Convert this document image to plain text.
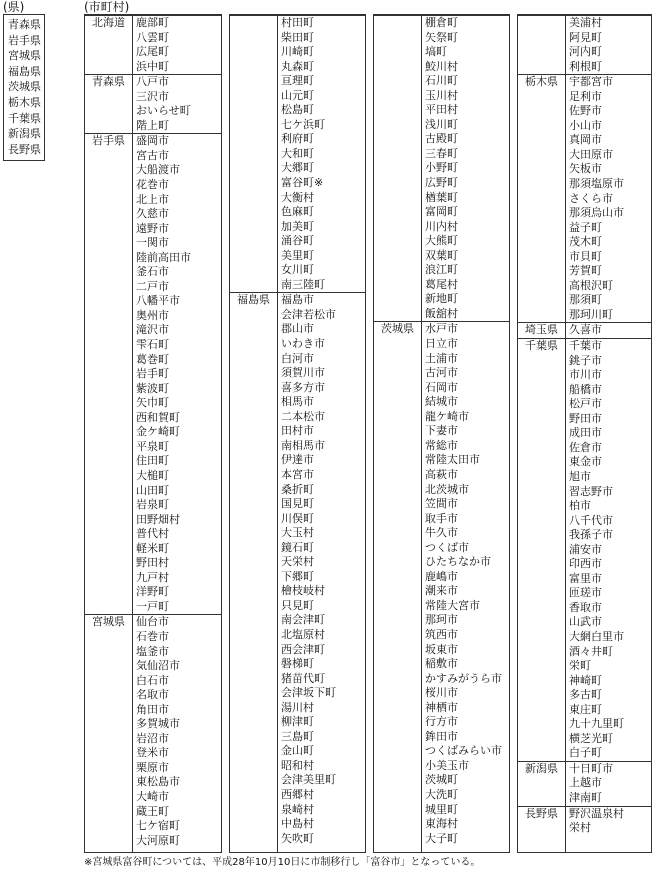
(県)	(市町村)
青森県
岩手県
宮城県
福島県
茨城県
栃木県
千葉県
新潟県
長野県
北海道	鹿部町
八雲町
広尾町
浜中町
青森県	八戸市
三沢市
おいらせ町
階上町
岩手県	盛岡市
宮古市
大船渡市
花巻市
北上市
久慈市
遠野市
一関市
陸前高田市
釜石市
二戸市
八幡平市
奥州市
滝沢市
雫石町
葛巻町
岩手町
紫波町
矢巾町
西和賀町
金ケ崎町
平泉町
住田町
大槌町
山田町
岩泉町
田野畑村
普代村
軽米町
野田村
九戸村
洋野町
一戸町
宮城県	仙台市
石巻市
塩釜市
気仙沼市
白石市
名取市
角田市
多賀城市
岩沼市
登米市
栗原市
東松島市
大崎市
蔵王町
七ケ宿町
大河原町
村田町
柴田町
川崎町
丸森町
亘理町
山元町
松島町
七ケ浜町
利府町
大和町
大郷町
富谷町※
大衡村
色麻町
加美町
涌谷町
美里町
女川町
南三陸町
福島県	福島市
会津若松市
郡山市
いわき市
白河市
須賀川市
喜多方市
相馬市
二本松市
田村市
南相馬市
伊達市
本宮市
桑折町
国見町
川俣町
大玉村
鏡石町
天栄村
下郷町
檜枝岐村
只見町
南会津町
北塩原村
西会津町
磐梯町
猪苗代町
会津坂下町
湯川村
柳津町
三島町
金山町
昭和村
会津美里町
西郷村
泉崎村
中島村
矢吹町
棚倉町
矢祭町
塙町
鮫川村
石川町
玉川村
平田村
浅川町
古殿町
三春町
小野町
広野町
楢葉町
富岡町
川内村
大熊町
双葉町
浪江町
葛尾村
新地町
飯舘村
茨城県	水戸市
日立市
土浦市
古河市
石岡市
結城市
龍ケ崎市
下妻市
常総市
常陸太田市
高萩市
北茨城市
笠間市
取手市
牛久市
つくば市
ひたちなか市
鹿嶋市
潮来市
常陸大宮市
那珂市
筑西市
坂東市
稲敷市
かすみがうら市
桜川市
神栖市
行方市
鉾田市
つくばみらい市
小美玉市
茨城町
大洗町
城里町
東海村
大子町
美浦村
阿見町
河内町
利根町
栃木県	宇都宮市
足利市
佐野市
小山市
真岡市
大田原市
矢板市
那須塩原市
さくら市
那須烏山市
益子町
茂木町
市貝町
芳賀町
高根沢町
那須町
那珂川町
埼玉県	久喜市
千葉県	千葉市
銚子市
市川市
船橋市
松戸市
野田市
成田市
佐倉市
東金市
旭市
習志野市
柏市
八千代市
我孫子市
浦安市
印西市
富里市
匝瑳市
香取市
山武市
大網白里市
酒々井町
栄町
神崎町
多古町
東庄町
九十九里町
横芝光町
白子町
新潟県	十日町市
上越市
津南町
長野県	野沢温泉村
栄村
※宮城県富谷町については、平成28年10月10日に市制移行し「富谷市」となっている。
